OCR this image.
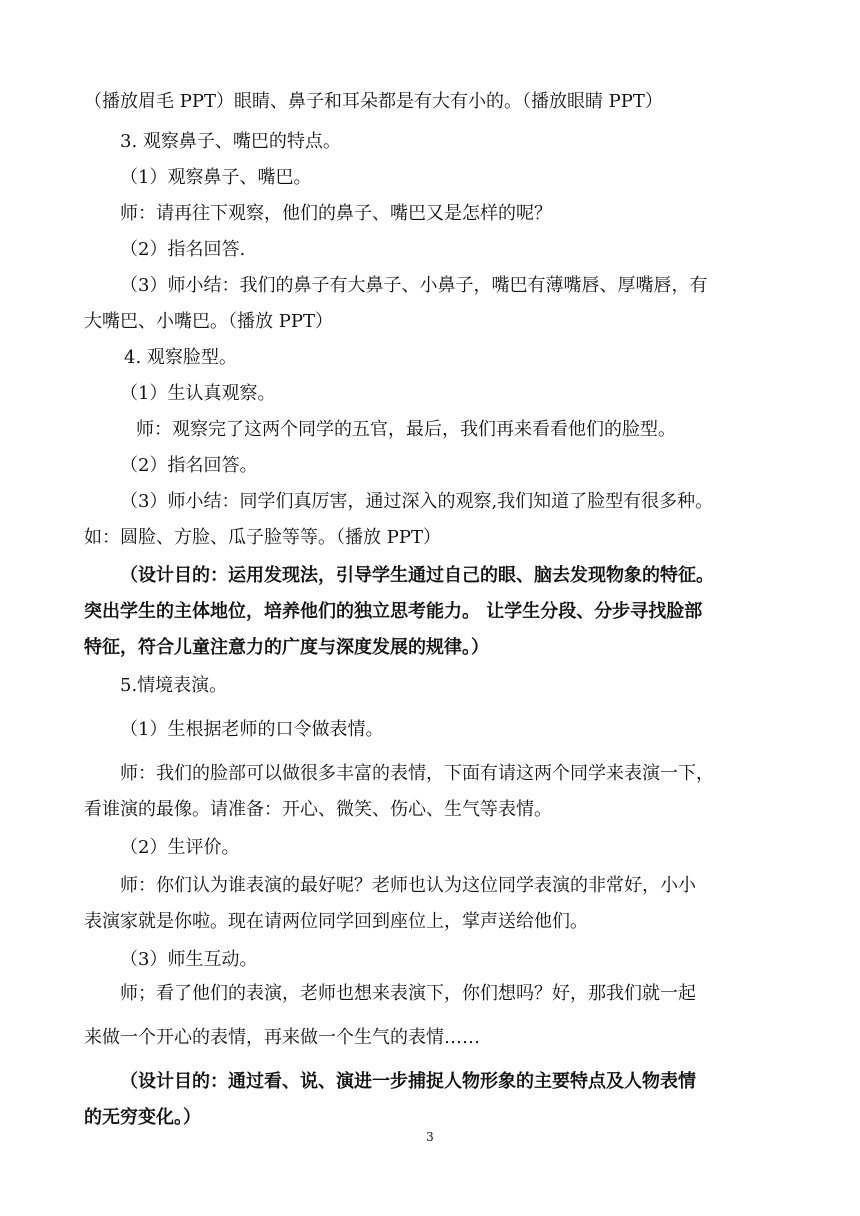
（播放眉毛 PPT）眼睛、鼻子和耳朵都是有大有小的。（播放眼睛 PPT）
3. 观察鼻子、嘴巴的特点。
（1）观察鼻子、嘴巴。
师：请再往下观察，他们的鼻子、嘴巴又是怎样的呢？
（2）指名回答.
（3）师小结：我们的鼻子有大鼻子、小鼻子，嘴巴有薄嘴唇、厚嘴唇，有
大嘴巴、小嘴巴。（播放 PPT）
4. 观察脸型。
（1）生认真观察。
师：观察完了这两个同学的五官，最后，我们再来看看他们的脸型。
（2）指名回答。
（3）师小结：同学们真厉害，通过深入的观察,我们知道了脸型有很多种。
如：圆脸、方脸、瓜子脸等等。（播放 PPT）
（设计目的：运用发现法，引导学生通过自己的眼、脑去发现物象的特征。
突出学生的主体地位，培养他们的独立思考能力。 让学生分段、分步寻找脸部
特征，符合儿童注意力的广度与深度发展的规律。）
5.情境表演。
（1）生根据老师的口令做表情。
师：我们的脸部可以做很多丰富的表情，下面有请这两个同学来表演一下，
看谁演的最像。请准备：开心、微笑、伤心、生气等表情。
（2）生评价。
师：你们认为谁表演的最好呢？老师也认为这位同学表演的非常好，小小
表演家就是你啦。现在请两位同学回到座位上，掌声送给他们。
（3）师生互动。
师；看了他们的表演，老师也想来表演下，你们想吗？好，那我们就一起
来做一个开心的表情，再来做一个生气的表情……
（设计目的：通过看、说、演进一步捕捉人物形象的主要特点及人物表情
的无穷变化。）
3
